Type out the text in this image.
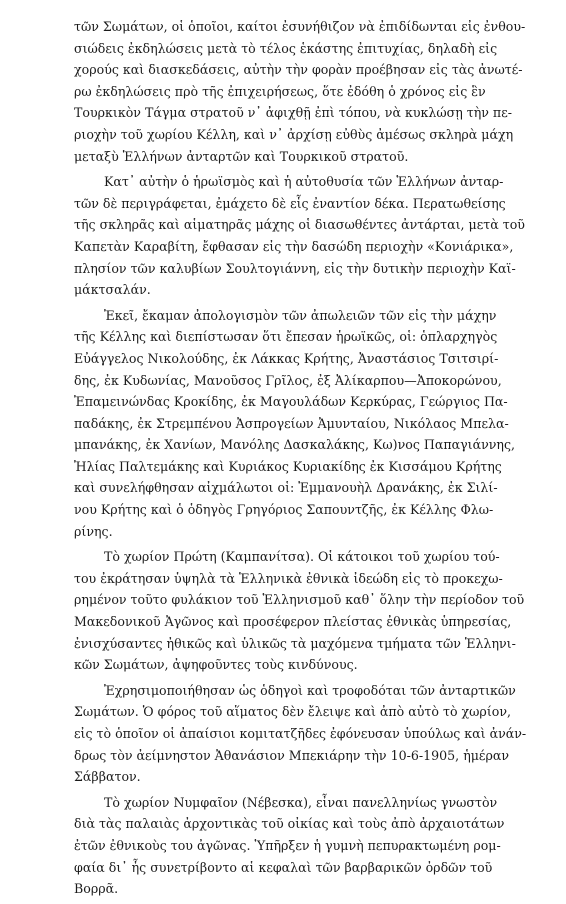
τῶν Σωμάτων, οἱ ὁποῖοι, καίτοι ἐσυνήθιζον νὰ ἐπιδίδωνται εἰς ἐνθου-
σιώδεις ἐκδηλώσεις μετὰ τὸ τέλος ἑκάστης ἐπιτυχίας, δηλαδὴ εἰς
χορούς καὶ διασκεδάσεις, αὐτὴν τὴν φορὰν προέβησαν εἰς τὰς ἀνωτέ-
ρω ἐκδηλώσεις πρὸ τῆς ἐπιχειρήσεως, ὅτε ἐδόθη ὁ χρόνος εἰς ἓν
Τουρκικὸν Τάγμα στρατοῦ ν᾽ ἀφιχθῇ ἐπὶ τόπου, νὰ κυκλώσῃ τὴν πε-
ριοχὴν τοῦ χωρίου Κέλλη, καὶ ν᾽ ἀρχίσῃ εὐθὺς ἀμέσως σκληρὰ μάχη
μεταξὺ Ἑλλήνων ἀνταρτῶν καὶ Τουρκικοῦ στρατοῦ.
Κατ᾽ αὐτὴν ὁ ἡρωϊσμὸς καὶ ἡ αὐτοθυσία τῶν Ἑλλήνων ἀνταρ-
τῶν δὲ περιγράφεται, ἐμάχετο δὲ εἷς ἐναντίον δέκα. Περατωθείσης
τῆς σκληρᾶς καὶ αἱματηρᾶς μάχης οἱ διασωθέντες ἀντάρται, μετὰ τοῦ
Καπετὰν Καραβίτη, ἔφθασαν εἰς τὴν δασώδη περιοχὴν «Κονιάρικα»,
πλησίον τῶν καλυβίων Σουλτογιάννη, εἰς τὴν δυτικὴν περιοχὴν Καϊ-
μάκτσαλάν.
Ἐκεῖ, ἔκαμαν ἀπολογισμὸν τῶν ἀπωλειῶν τῶν εἰς τὴν μάχην
τῆς Κέλλης καὶ διεπίστωσαν ὅτι ἔπεσαν ἡρωϊκῶς, οἱ: ὁπλαρχηγὸς
Εὐάγγελος Νικολούδης, ἐκ Λάκκας Κρήτης, Ἀναστάσιος Τσιτσιρί-
δης, ἐκ Κυδωνίας, Μανοῦσος Γρῖλος, ἐξ Ἀλίκαρπου—Ἀποκορώνου,
Ἐπαμεινώνδας Κροκίδης, ἐκ Μαγουλάδων Κερκύρας, Γεώργιος Πα-
παδάκης, ἐκ Στρεμπένου Ἀσπρογείων Ἀμυνταίου, Νικόλαος Μπελα-
μπανάκης, ἐκ Χανίων, Μανόλης Δασκαλάκης, Κω)νος Παπαγιάννης,
Ἠλίας Παλτεμάκης καὶ Κυριάκος Κυριακίδης ἐκ Κισσάμου Κρήτης
καὶ συνελήφθησαν αἰχμάλωτοι οἱ: Ἐμμανουὴλ Δρανάκης, ἐκ Σιλί-
νου Κρήτης καὶ ὁ ὁδηγὸς Γρηγόριος Σαπουντζῆς, ἐκ Κέλλης Φλω-
ρίνης.
Τὸ χωρίον Πρώτη (Καμπανίτσα). Οἱ κάτοικοι τοῦ χωρίου τού-
του ἐκράτησαν ὑψηλὰ τὰ Ἑλληνικὰ ἐθνικὰ ἰδεώδη εἰς τὸ προκεχω-
ρημένον τοῦτο φυλάκιον τοῦ Ἑλληνισμοῦ καθ᾽ ὅλην τὴν περίοδον τοῦ
Μακεδονικοῦ Ἀγῶνος καὶ προσέφερον πλείστας ἐθνικὰς ὑπηρεσίας,
ἐνισχύσαντες ἠθικῶς καὶ ὑλικῶς τὰ μαχόμενα τμήματα τῶν Ἑλληνι-
κῶν Σωμάτων, ἀψηφοῦντες τοὺς κινδύνους.
Ἐχρησιμοποιήθησαν ὡς ὁδηγοὶ καὶ τροφοδόται τῶν ἀνταρτικῶν
Σωμάτων. Ὁ φόρος τοῦ αἵματος δὲν ἔλειψε καὶ ἀπὸ αὐτὸ τὸ χωρίον,
εἰς τὸ ὁποῖον οἱ ἀπαίσιοι κομιτατζῆδες ἐφόνευσαν ὑπούλως καὶ ἀνάν-
δρως τὸν ἀείμνηστον Ἀθανάσιον Μπεκιάρην τὴν 10-6-1905, ἡμέραν
Σάββατον.
Τὸ χωρίον Νυμφαῖον (Νέβεσκα), εἶναι πανελληνίως γνωστὸν
διὰ τὰς παλαιὰς ἀρχοντικὰς τοῦ οἰκίας καὶ τοὺς ἀπὸ ἀρχαιοτάτων
ἐτῶν ἐθνικοὺς του ἀγῶνας. Ὑπῆρξεν ἡ γυμνὴ πεπυρακτωμένη ρομ-
φαία δι᾽ ἧς συνετρίβοντο αἱ κεφαλαὶ τῶν βαρβαρικῶν ὀρδῶν τοῦ
Βορρᾶ.
